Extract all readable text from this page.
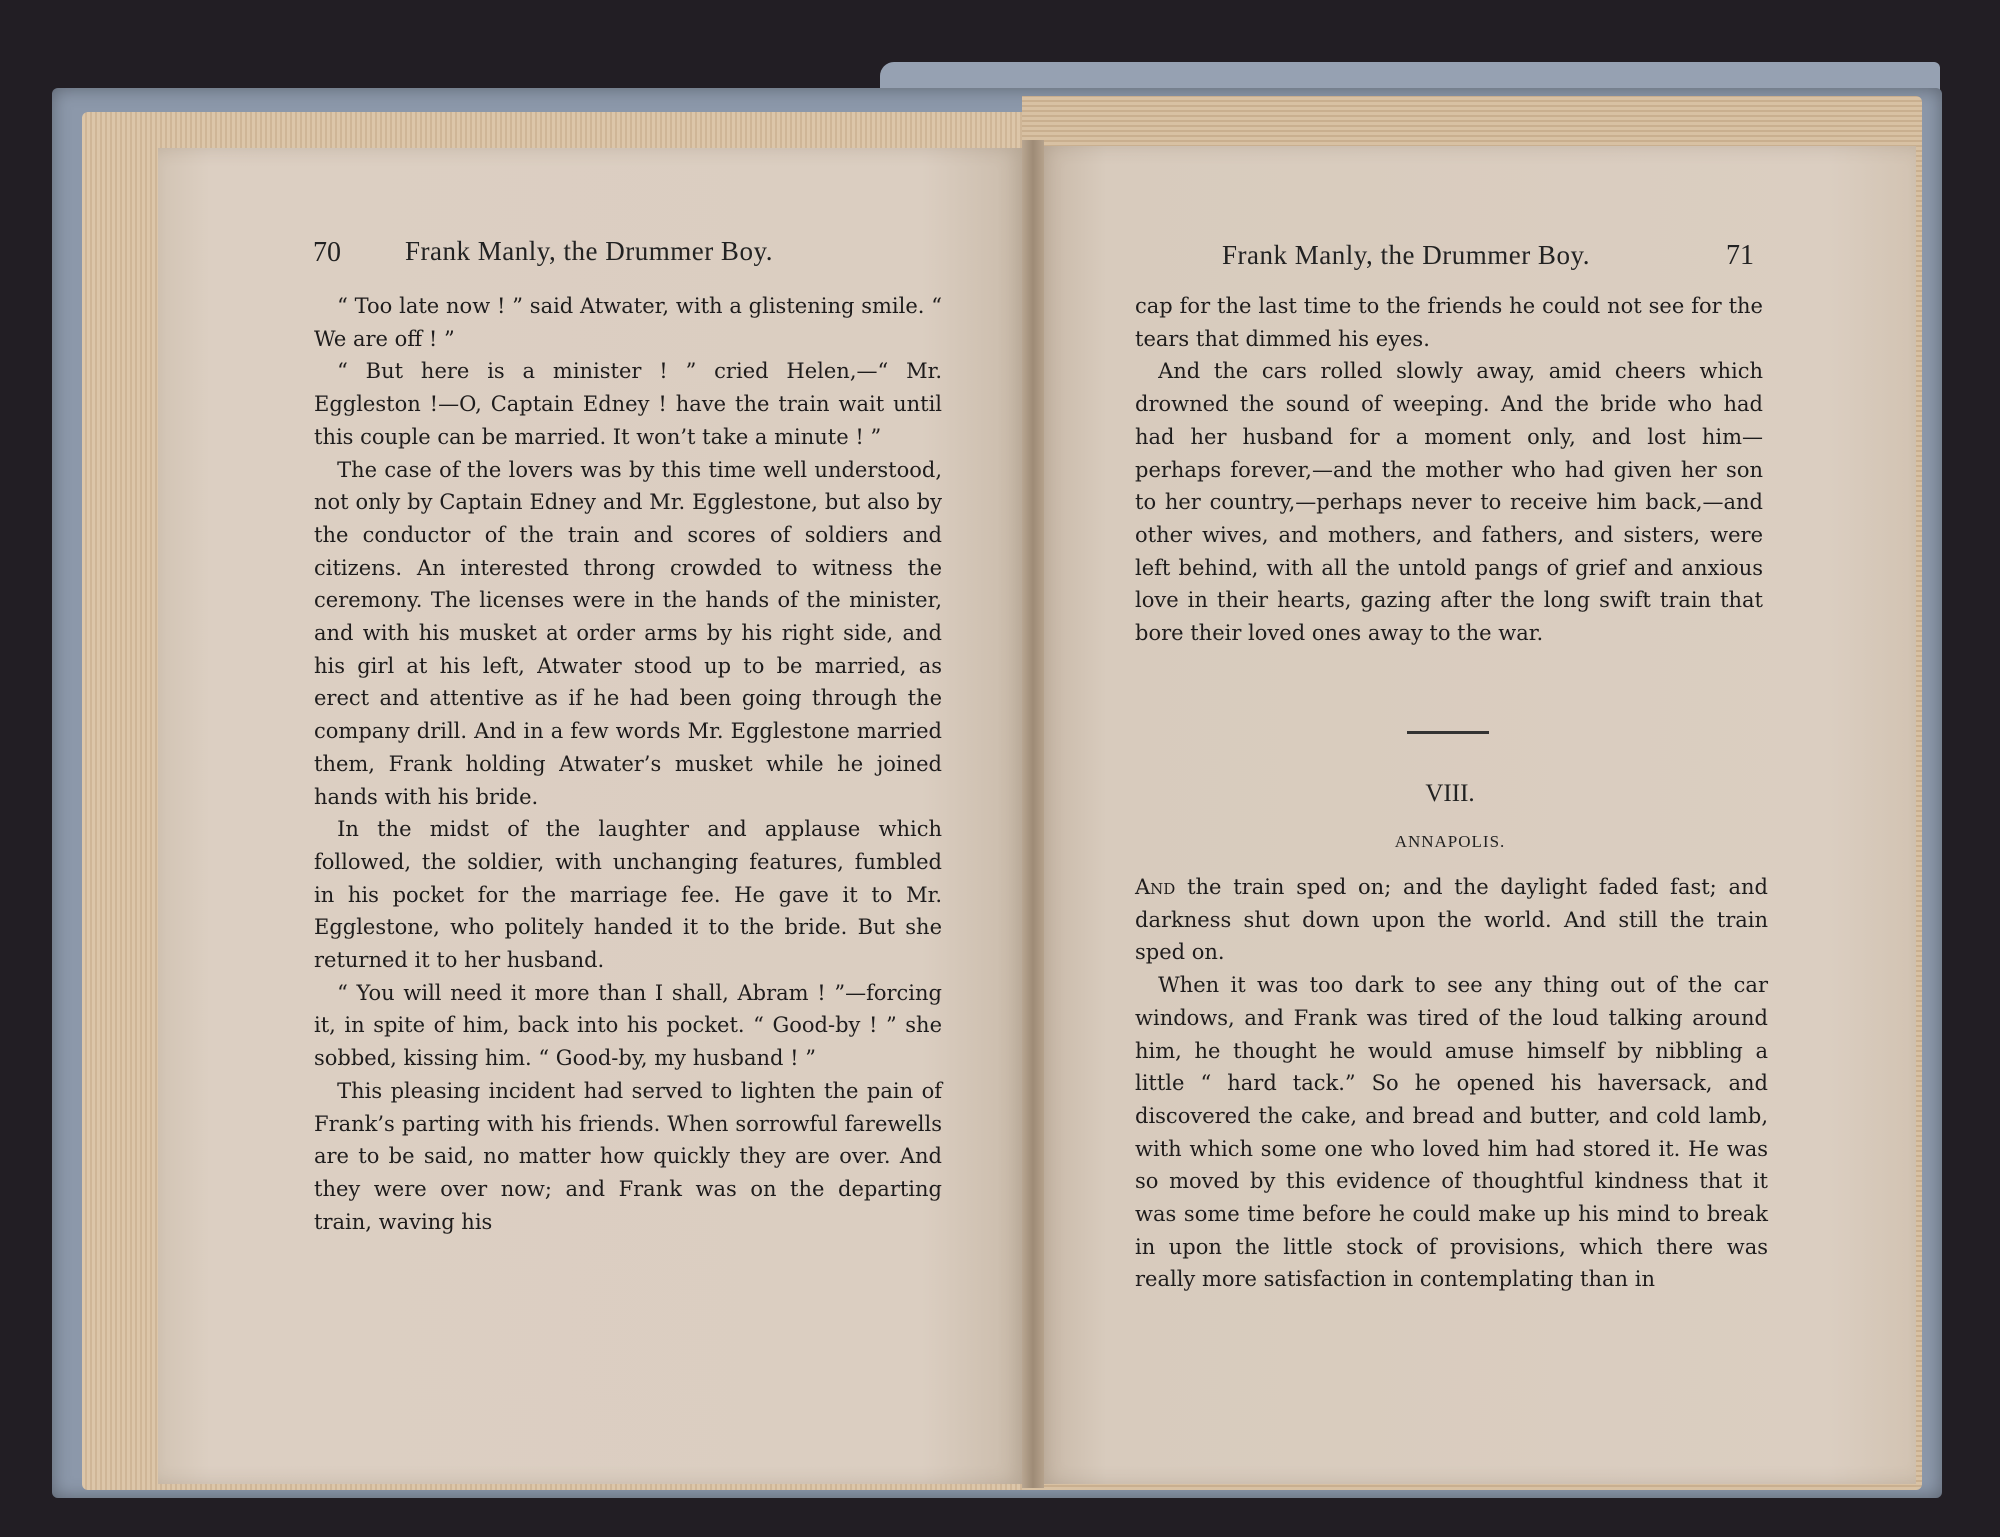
70 Frank Manly, the Drummer Boy.

“ Too late now ! ” said Atwater, with a glistening smile. “ We are off ! ”

“ But here is a minister ! ” cried Helen,—“ Mr. Eggleston !—O, Captain Edney ! have the train wait until this couple can be married. It won’t take a minute ! ”

The case of the lovers was by this time well understood, not only by Captain Edney and Mr. Egglestone, but also by the conductor of the train and scores of soldiers and citizens. An interested throng crowded to witness the ceremony. The licenses were in the hands of the minister, and with his musket at order arms by his right side, and his girl at his left, Atwater stood up to be married, as erect and attentive as if he had been going through the company drill. And in a few words Mr. Egglestone married them, Frank holding Atwater’s musket while he joined hands with his bride.

In the midst of the laughter and applause which followed, the soldier, with unchanging features, fumbled in his pocket for the marriage fee. He gave it to Mr. Egglestone, who politely handed it to the bride. But she returned it to her husband.

“ You will need it more than I shall, Abram ! ”—forcing it, in spite of him, back into his pocket. “ Good-by ! ” she sobbed, kissing him. “ Good-by, my husband ! ”

This pleasing incident had served to lighten the pain of Frank’s parting with his friends. When sorrowful farewells are to be said, no matter how quickly they are over. And they were over now; and Frank was on the departing train, waving his

Frank Manly, the Drummer Boy.	71

cap for the last time to the friends he could not see for the tears that dimmed his eyes.

And the cars rolled slowly away, amid cheers which drowned the sound of weeping. And the bride who had had her husband for a moment only, and lost him—perhaps forever,—and the mother who had given her son to her country,—perhaps never to receive him back,—and other wives, and mothers, and fathers, and sisters, were left behind, with all the untold pangs of grief and anxious love in their hearts, gazing after the long swift train that bore their loved ones away to the war.

VIII.
ANNAPOLIS.

And the train sped on; and the daylight faded fast; and darkness shut down upon the world. And still the train sped on.

When it was too dark to see any thing out of the car windows, and Frank was tired of the loud talking around him, he thought he would amuse himself by nibbling a little “ hard tack.” So he opened his haversack, and discovered the cake, and bread and butter, and cold lamb, with which some one who loved him had stored it. He was so moved by this evidence of thoughtful kindness that it was some time before he could make up his mind to break in upon the little stock of provisions, which there was really more satisfaction in contemplating than in
